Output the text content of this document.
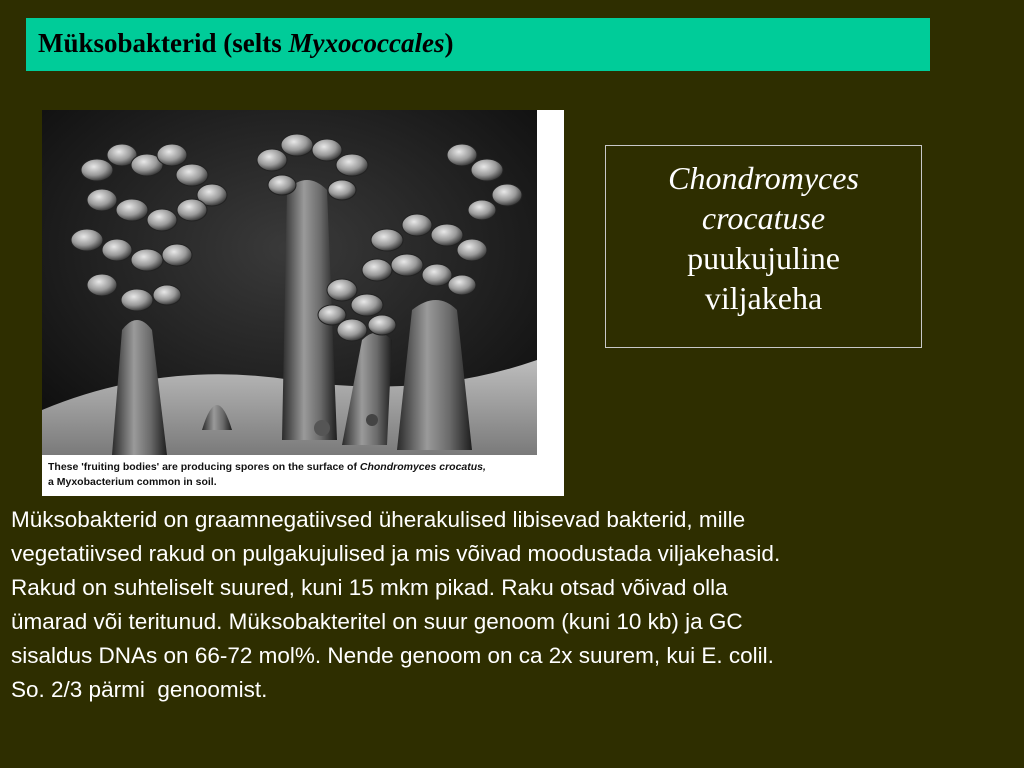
Müksobakterid (selts Myxococcales)
These 'fruiting bodies' are producing spores on the surface of Chondromyces crocatus,
a Myxobacterium common in soil.
Chondromyces
crocatuse
puukujuline
viljakeha
Müksobakterid on graamnegatiivsed üherakulised libisevad bakterid, mille
vegetatiivsed rakud on pulgakujulised ja mis võivad moodustada viljakehasid.
Rakud on suhteliselt suured, kuni 15 mkm pikad. Raku otsad võivad olla
ümarad või teritunud. Müksobakteritel on suur genoom (kuni 10 kb) ja GC
sisaldus DNAs on 66-72 mol%. Nende genoom on ca 2x suurem, kui E. colil.
So. 2/3 pärmi  genoomist.
